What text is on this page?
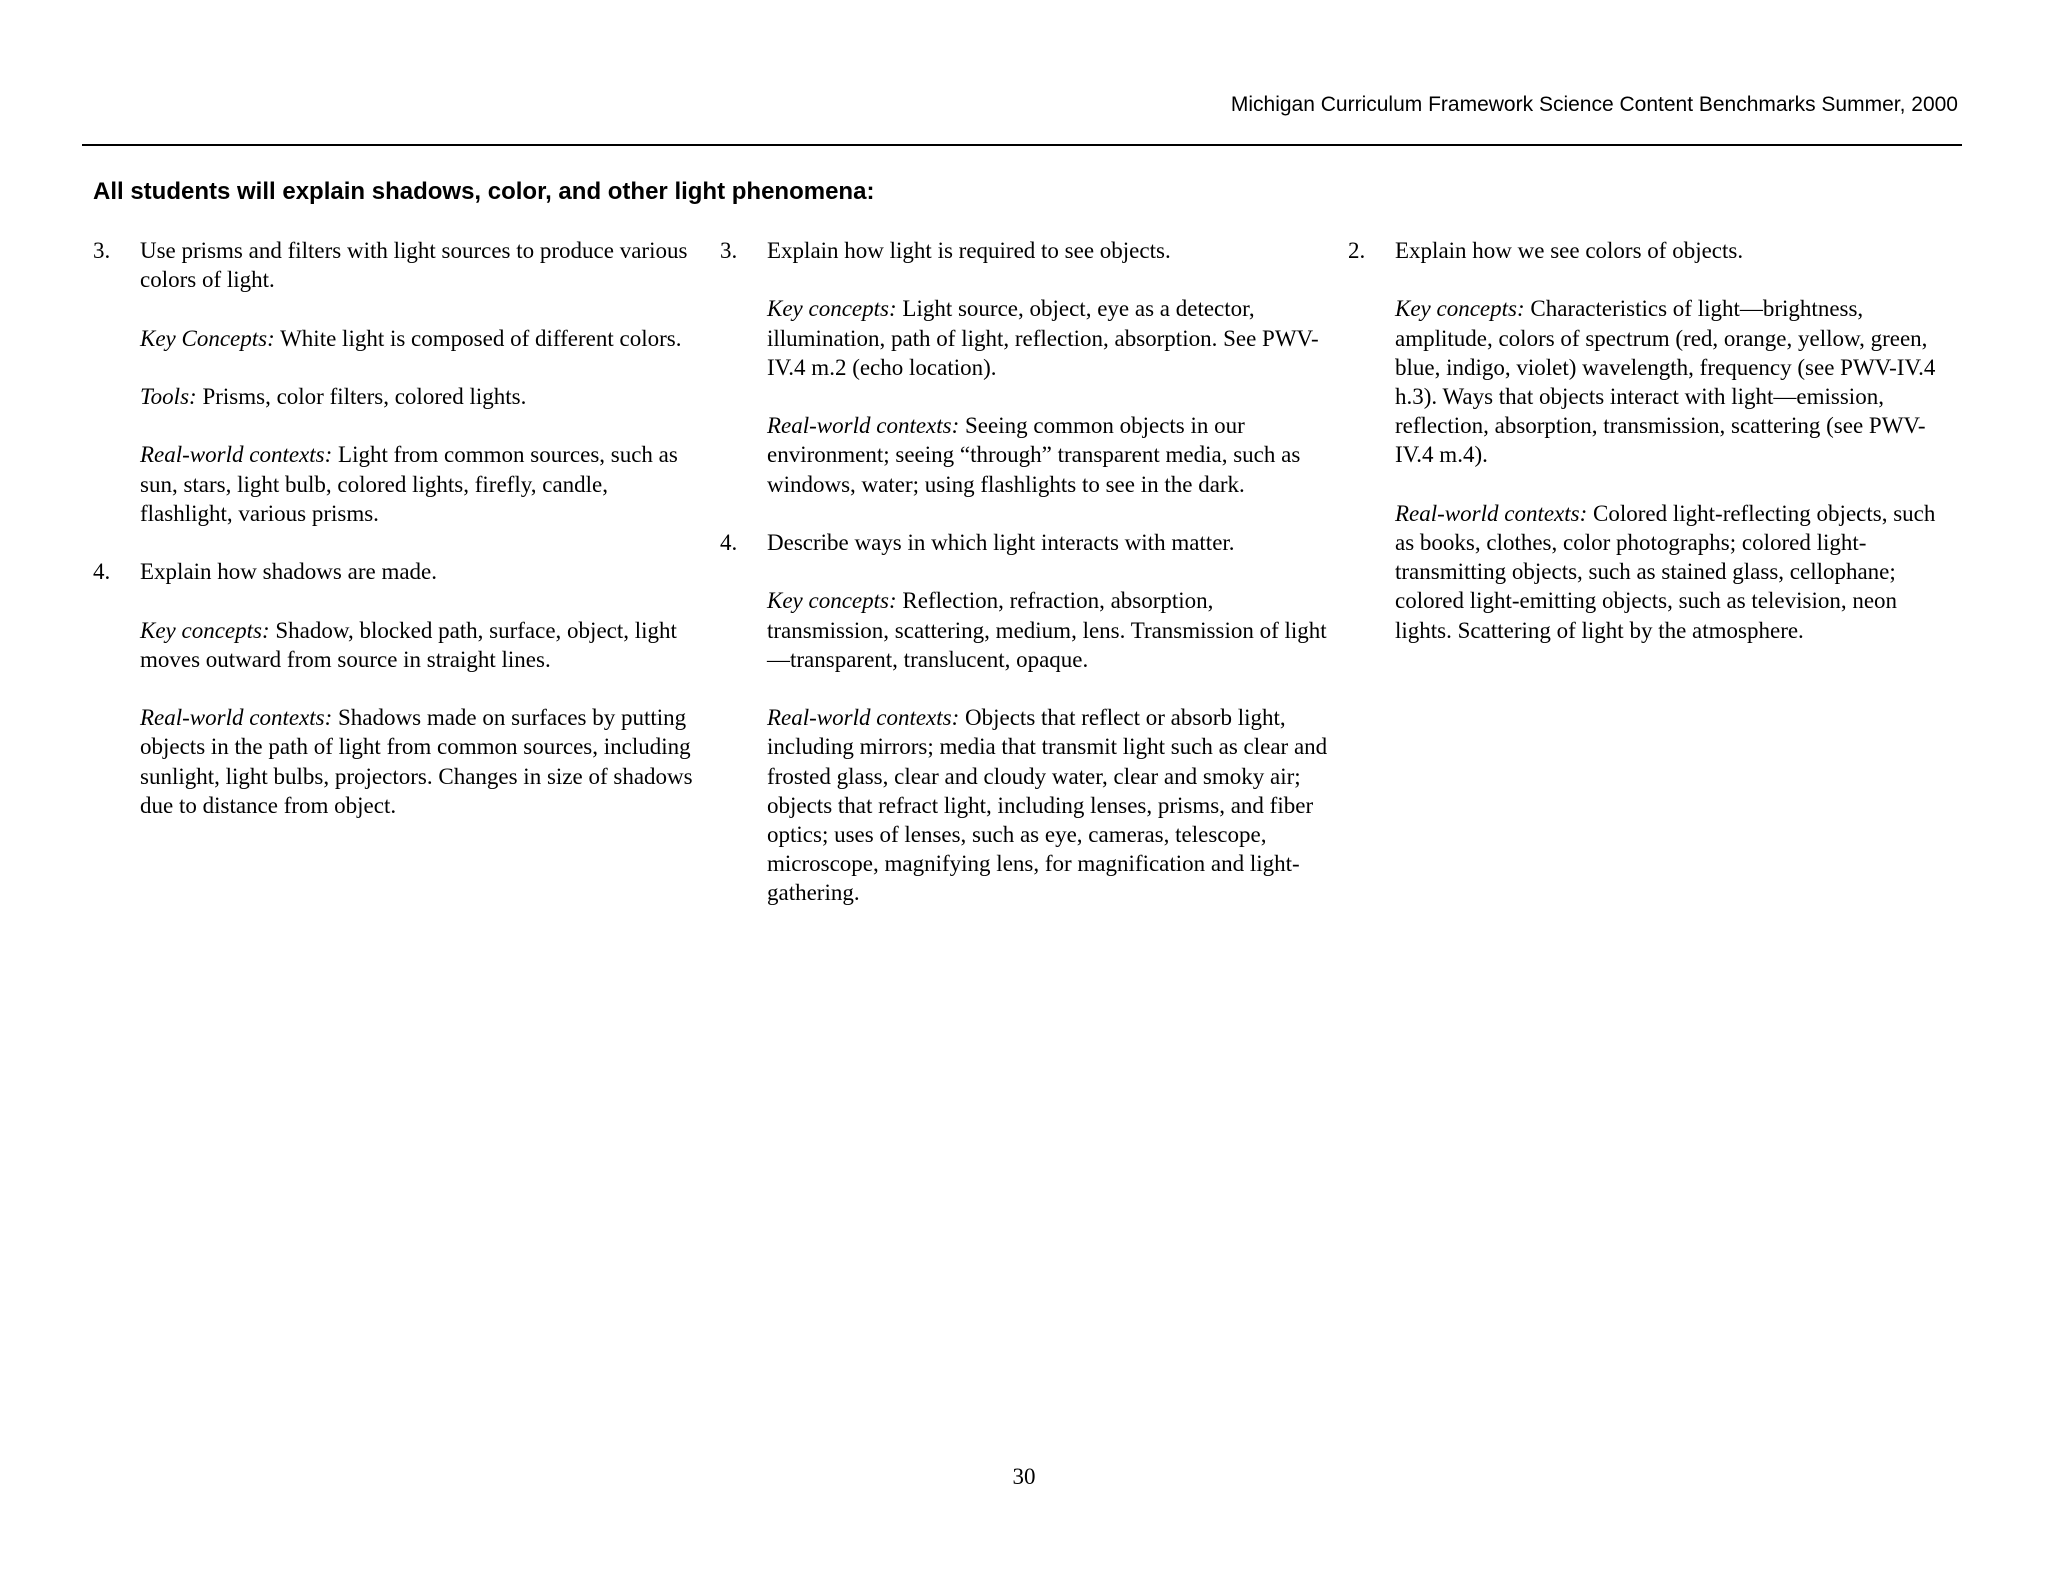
Michigan Curriculum Framework Science Content Benchmarks Summer, 2000
All students will explain shadows, color, and other light phenomena:
3.	Use prisms and filters with light sources to produce various colors of light.
Key Concepts: White light is composed of different colors.
Tools: Prisms, color filters, colored lights.
Real-world contexts: Light from common sources, such as sun, stars, light bulb, colored lights, firefly, candle, flashlight, various prisms.
4.	Explain how shadows are made.
Key concepts: Shadow, blocked path, surface, object, light moves outward from source in straight lines.
Real-world contexts: Shadows made on surfaces by putting objects in the path of light from common sources, including sunlight, light bulbs, projectors. Changes in size of shadows due to distance from object.
3.	Explain how light is required to see objects.
Key concepts: Light source, object, eye as a detector, illumination, path of light, reflection, absorption. See PWV-IV.4 m.2 (echo location).
Real-world contexts: Seeing common objects in our environment; seeing “through” transparent media, such as windows, water; using flashlights to see in the dark.
4.	Describe ways in which light interacts with matter.
Key concepts: Reflection, refraction, absorption, transmission, scattering, medium, lens. Transmission of light—transparent, translucent, opaque.
Real-world contexts: Objects that reflect or absorb light, including mirrors; media that transmit light such as clear and frosted glass, clear and cloudy water, clear and smoky air; objects that refract light, including lenses, prisms, and fiber optics; uses of lenses, such as eye, cameras, telescope, microscope, magnifying lens, for magnification and light-gathering.
2.	Explain how we see colors of objects.
Key concepts: Characteristics of light—brightness, amplitude, colors of spectrum (red, orange, yellow, green, blue, indigo, violet) wavelength, frequency (see PWV-IV.4 h.3). Ways that objects interact with light—emission, reflection, absorption, transmission, scattering (see PWV-IV.4 m.4).
Real-world contexts: Colored light-reflecting objects, such as books, clothes, color photographs; colored light-transmitting objects, such as stained glass, cellophane; colored light-emitting objects, such as television, neon lights. Scattering of light by the atmosphere.
30
